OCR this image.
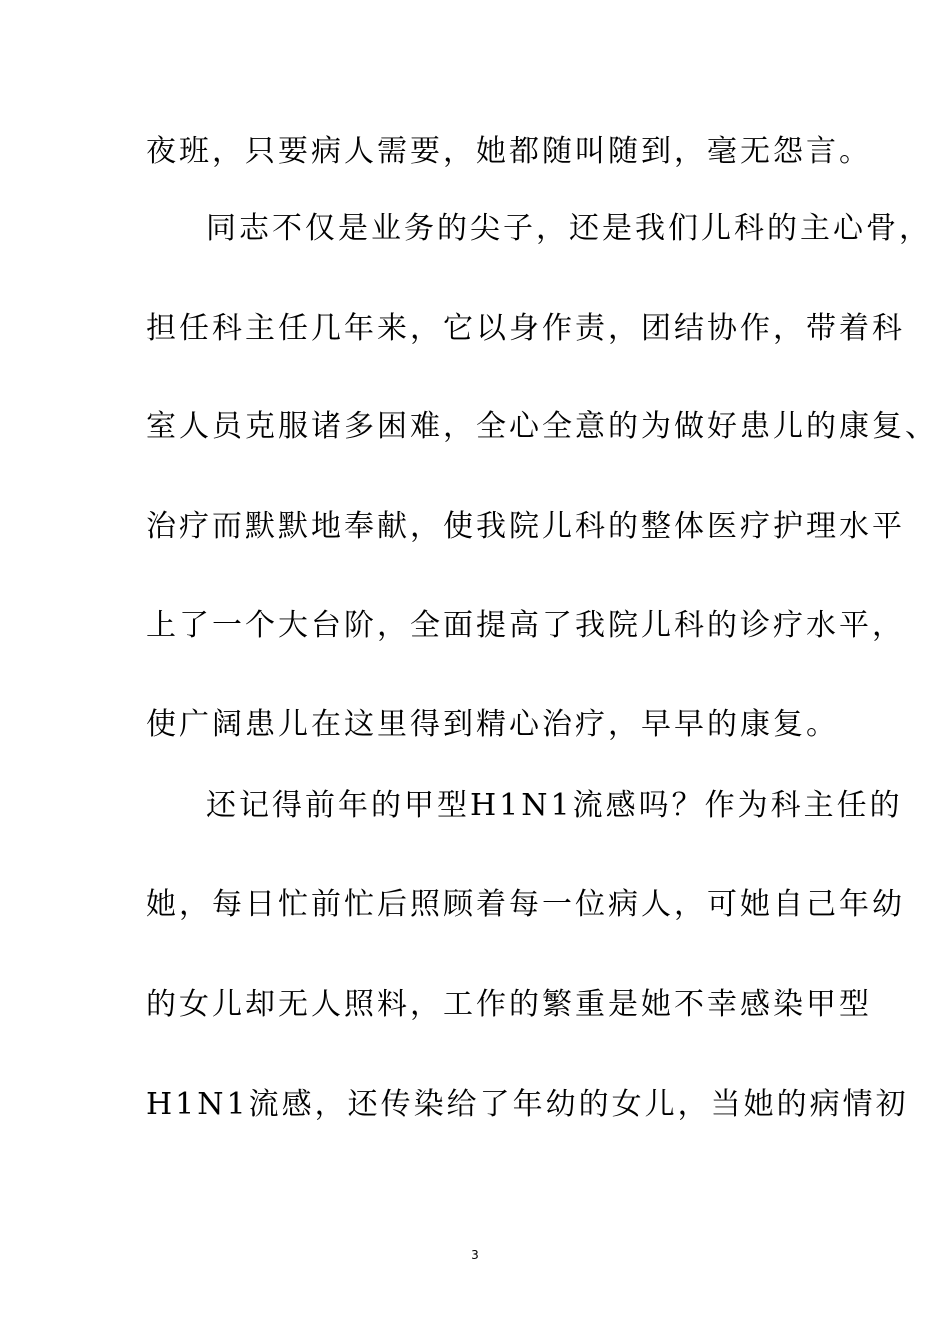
夜班，只要病人需要，她都随叫随到，毫无怨言。
同志不仅是业务的尖子，还是我们儿科的主心骨，
担任科主任几年来，它以身作责，团结协作，带着科
室人员克服诸多困难，全心全意的为做好患儿的康复、
治疗而默默地奉献，使我院儿科的整体医疗护理水平
上了一个大台阶，全面提高了我院儿科的诊疗水平，
使广阔患儿在这里得到精心治疗，早早的康复。
还记得前年的甲型H1N1流感吗？作为科主任的
她，每日忙前忙后照顾着每一位病人，可她自己年幼
的女儿却无人照料，工作的繁重是她不幸感染甲型
H1N1流感，还传染给了年幼的女儿，当她的病情初
3
